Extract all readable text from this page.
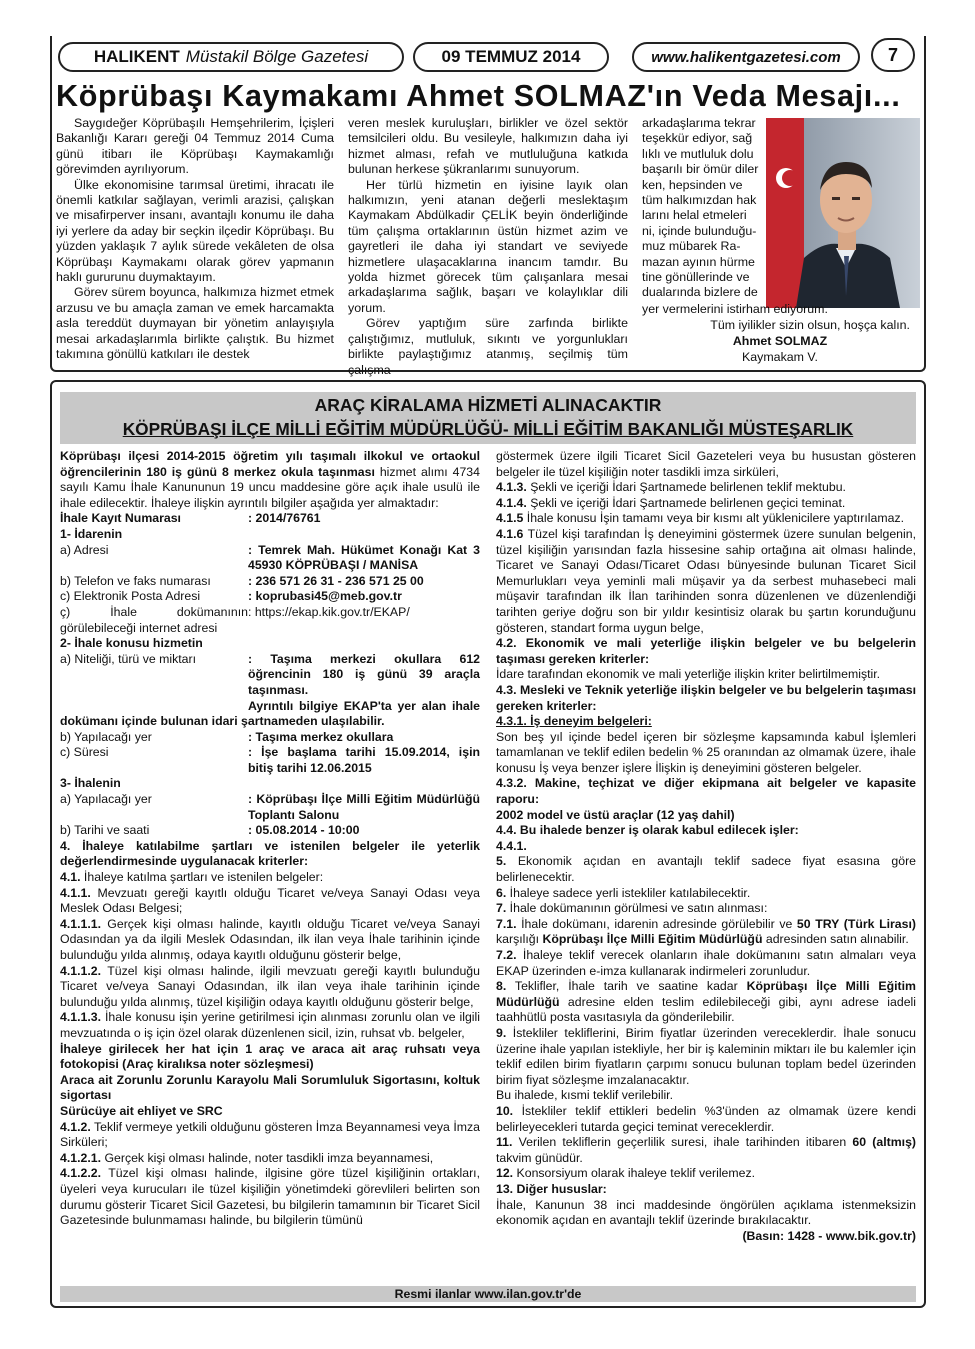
HALIKENT Müstakil Bölge Gazetesi	09 TEMMUZ 2014	www.halikentgazetesi.com	7
Köprübaşı Kaymakamı Ahmet SOLMAZ'ın Veda Mesajı...

Saygıdeğer Köprübaşılı Hemşehrilerim, İçişleri Bakanlığı Kararı gereği 04 Temmuz 2014 Cuma günü itibarı ile Köprübaşı Kaymakamlığı görevimden ayrılıyorum.

Ülke ekonomisine tarımsal üretimi, ihracatı ile önemli katkılar sağlayan, verimli arazisi, çalışkan ve misafirperver insanı, avantajlı konumu ile daha iyi yerlere da aday bir seçkin ilçedir Köprübaşı. Bu yüzden yaklaşık 7 aylık sürede vekâleten de olsa Köprübaşı Kaymakamı olarak görev yapmanın haklı gururunu duymaktayım.

Görev sürem boyunca, halkımıza hizmet etmek arzusu ve bu amaçla zaman ve emek harcamakta asla tereddüt duymayan bir yönetim anlayışıyla mesai arkadaşlarımla birlikte çalıştık. Bu hizmet takımına gönüllü katkıları ile destek

veren meslek kuruluşları, birlikler ve özel sektör temsilcileri oldu. Bu vesileyle, halkımızın daha iyi hizmet alması, refah ve mutluluğuna katkıda bulunan herkese şükranlarımı sunuyorum.

Her türlü hizmetin en iyisine layık olan halkımızın, yeni atanan değerli meslektaşım Kaymakam Abdülkadir ÇELİK beyin önderliğinde tüm çalışma ortaklarının üstün hizmet azim ve gayretleri ile daha iyi standart ve seviyede hizmetlere ulaşacaklarına inancım tamdır. Bu yolda hizmet görecek tüm çalışanlara mesai arkadaşlarıma sağlık, başarı ve kolaylıklar dili yorum.

Görev yaptığım süre zarfında birlikte çalıştığımız, mutluluk, sıkıntı ve yorgunlukları birlikte paylaştığımız atanmış, seçilmiş tüm çalışma

arkadaşlarıma tekrar
teşekkür ediyor, sağ
lıklı ve mutluluk dolu
başarılı bir ömür diler
ken, hepsinden ve
tüm halkımızdan hak
larını helal etmeleri
ni, içinde bulunduğu-
muz mübarek Ra-
mazan ayının hürme
tine gönüllerinde ve
dualarında bizlere de
yer vermelerini istirham ediyorum.
Tüm iyilikler sizin olsun, hoşça kalın.
Ahmet SOLMAZ
Kaymakam V.
ARAÇ KİRALAMA HİZMETİ ALINACAKTIR
KÖPRÜBAŞI İLÇE MİLLİ EĞİTİM MÜDÜRLÜĞÜ- MİLLİ EĞİTİM BAKANLIĞI MÜSTEŞARLIK

Köprübaşı ilçesi 2014-2015 öğretim yılı taşımalı ilkokul ve ortaokul öğrencilerinin 180 iş günü 8 merkez okula taşınması hizmet alımı 4734 sayılı Kamu İhale Kanununun 19 uncu maddesine göre açık ihale usulü ile ihale edilecektir. İhaleye ilişkin ayrıntılı bilgiler aşağıda yer almaktadır:

İhale Kayıt Numarası	: 2014/76761

1- İdarenin

a) Adresi	: Temrek Mah. Hükümet Konağı Kat 3 45930 KÖPRÜBAŞI / MANİSA
b) Telefon ve faks numarası	: 236 571 26 31 - 236 571 25 00
c) Elektronik Posta Adresi	: koprubasi45@meb.gov.tr
ç) İhale dokümanının görülebileceği internet adresi
: https://ekap.kik.gov.tr/EKAP/

2- İhale konusu hizmetin

a) Niteliği, türü ve miktarı	: Taşıma merkezi okullara 612 öğrencinin 180 iş günü 39 araçla taşınması.

Ayrıntılı bilgiye EKAP'ta yer alan ihale dokümanı içinde bulunan idari şartnameden ulaşılabilir.

b) Yapılacağı yer	: Taşıma merkez okullara
c) Süresi	: İşe başlama tarihi 15.09.2014, işin bitiş tarihi 12.06.2015

3- İhalenin

a) Yapılacağı yer	: Köprübaşı İlçe Milli Eğitim Müdürlüğü Toplantı Salonu
b) Tarihi ve saati	: 05.08.2014 - 10:00

4. İhaleye katılabilme şartları ve istenilen belgeler ile yeterlik değerlendirmesinde uygulanacak kriterler:

4.1. İhaleye katılma şartları ve istenilen belgeler:

4.1.1. Mevzuatı gereği kayıtlı olduğu Ticaret ve/veya Sanayi Odası veya Meslek Odası Belgesi;

4.1.1.1. Gerçek kişi olması halinde, kayıtlı olduğu Ticaret ve/veya Sanayi Odasından ya da ilgili Meslek Odasından, ilk ilan veya İhale tarihinin içinde bulunduğu yılda alınmış, odaya kayıtlı olduğunu gösterir belge,

4.1.1.2. Tüzel kişi olması halinde, ilgili mevzuatı gereği kayıtlı bulunduğu Ticaret ve/veya Sanayi Odasından, ilk ilan veya ihale tarihinin içinde bulunduğu yılda alınmış, tüzel kişiliğin odaya kayıtlı olduğunu gösterir belge,

4.1.1.3. İhale konusu işin yerine getirilmesi için alınması zorunlu olan ve ilgili mevzuatında o iş için özel olarak düzenlenen sicil, izin, ruhsat vb. belgeler,

İhaleye girilecek her hat için 1 araç ve araca ait araç ruhsatı veya fotokopisi (Araç kiralıksa noter sözleşmesi)

Araca ait Zorunlu Zorunlu Karayolu Mali Sorumluluk Sigortasını, koltuk sigortası

Sürücüye ait ehliyet ve SRC

4.1.2. Teklif vermeye yetkili olduğunu gösteren İmza Beyannamesi veya İmza Sirküleri;

4.1.2.1. Gerçek kişi olması halinde, noter tasdikli imza beyannamesi,

4.1.2.2. Tüzel kişi olması halinde, ilgisine göre tüzel kişiliğinin ortakları, üyeleri veya kurucuları ile tüzel kişiliğin yönetimdeki görevlileri belirten son durumu gösterir Ticaret Sicil Gazetesi, bu bilgilerin tamamının bir Ticaret Sicil Gazetesinde bulunmaması halinde, bu bilgilerin tümünü

göstermek üzere ilgili Ticaret Sicil Gazeteleri veya bu husustan gösteren belgeler ile tüzel kişiliğin noter tasdikli imza sirküleri,

4.1.3. Şekli ve içeriği İdari Şartnamede belirlenen teklif mektubu.

4.1.4. Şekli ve içeriği İdari Şartnamede belirlenen geçici teminat.

4.1.5 İhale konusu İşin tamamı veya bir kısmı alt yüklenicilere yaptırılamaz.

4.1.6 Tüzel kişi tarafından İş deneyimini göstermek üzere sunulan belgenin, tüzel kişiliğin yarısından fazla hissesine sahip ortağına ait olması halinde, Ticaret ve Sanayi Odası/Ticaret Odası bünyesinde bulunan Ticaret Sicil Memurlukları veya yeminli mali müşavir ya da serbest muhasebeci mali müşavir tarafından ilk İlan tarihinden sonra düzenlenen ve düzenlendiği tarihten geriye doğru son bir yıldır kesintisiz olarak bu şartın korunduğunu gösteren, standart forma uygun belge,

4.2. Ekonomik ve mali yeterliğe ilişkin belgeler ve bu belgelerin taşıması gereken kriterler:

İdare tarafından ekonomik ve mali yeterliğe ilişkin kriter belirtilmemiştir.

4.3. Mesleki ve Teknik yeterliğe ilişkin belgeler ve bu belgelerin taşıması gereken kriterler:

4.3.1. İş deneyim belgeleri:

Son beş yıl içinde bedel içeren bir sözleşme kapsamında kabul İşlemleri tamamlanan ve teklif edilen bedelin % 25 oranından az olmamak üzere, ihale konusu İş veya benzer işlere İlişkin iş deneyimini gösteren belgeler.

4.3.2. Makine, teçhizat ve diğer ekipmana ait belgeler ve kapasite raporu:

2002 model ve üstü araçlar (12 yaş dahil)

4.4. Bu ihalede benzer iş olarak kabul edilecek işler:

4.4.1.

5. Ekonomik açıdan en avantajlı teklif sadece fiyat esasına göre belirlenecektir.

6. İhaleye sadece yerli istekliler katılabilecektir.

7. İhale dokümanının görülmesi ve satın alınması:

7.1. İhale dokümanı, idarenin adresinde görülebilir ve 50 TRY (Türk Lirası) karşılığı Köprübaşı İlçe Milli Eğitim Müdürlüğü adresinden satın alınabilir.

7.2. İhaleye teklif verecek olanların ihale dokümanını satın almaları veya EKAP üzerinden e-imza kullanarak indirmeleri zorunludur.

8. Teklifler, İhale tarih ve saatine kadar Köprübaşı İlçe Milli Eğitim Müdürlüğü adresine elden teslim edilebileceği gibi, aynı adrese iadeli taahhütlü posta vasıtasıyla da gönderilebilir.

9. İstekliler tekliflerini, Birim fiyatlar üzerinden vereceklerdir. İhale sonucu üzerine ihale yapılan istekliyle, her bir iş kaleminin miktarı ile bu kalemler için teklif edilen birim fiyatların çarpımı sonucu bulunan toplam bedel üzerinden birim fiyat sözleşme imzalanacaktır.

Bu ihalede, kısmi teklif verilebilir.

10. İstekliler teklif ettikleri bedelin %3'ünden az olmamak üzere kendi belirleyecekleri tutarda geçici teminat vereceklerdir.

11. Verilen tekliflerin geçerlilik suresi, ihale tarihinden itibaren 60 (altmış) takvim günüdür.

12. Konsorsiyum olarak ihaleye teklif verilemez.

13. Diğer hususlar:

İhale, Kanunun 38 inci maddesinde öngörülen açıklama istenmeksizin ekonomik açıdan en avantajlı teklif üzerinde bırakılacaktır.

(Basın: 1428 - www.bik.gov.tr)

Resmi ilanlar www.ilan.gov.tr'de
